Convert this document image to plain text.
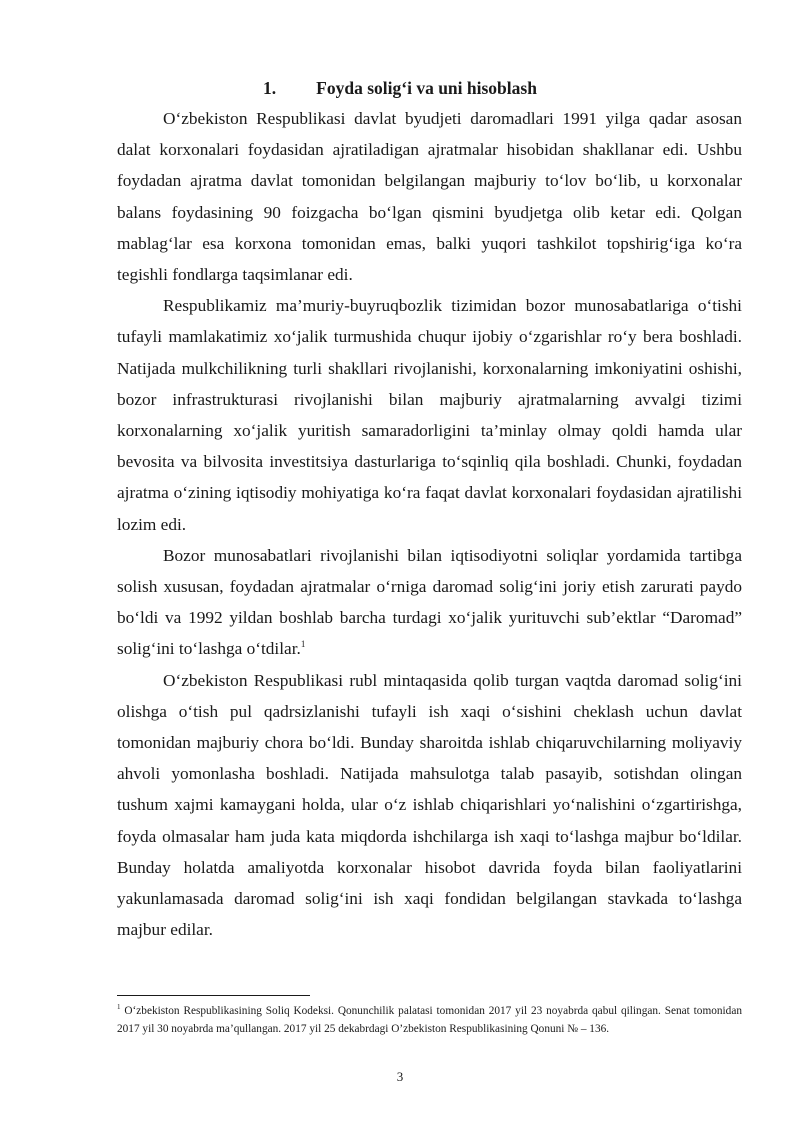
1. Foyda solig‘i va uni hisoblash

O‘zbekiston Respublikasi davlat byudjeti daromadlari 1991 yilga qadar asosan dalat korxonalari foydasidan ajratiladigan ajratmalar hisobidan shakllanar edi. Ushbu foydadan ajratma davlat tomonidan belgilangan majburiy to‘lov bo‘lib, u korxonalar balans foydasining 90 foizgacha bo‘lgan qismini byudjetga olib ketar edi. Qolgan mablag‘lar esa korxona tomonidan emas, balki yuqori tashkilot topshirig‘iga ko‘ra tegishli fondlarga taqsimlanar edi.

Respublikamiz ma’muriy-buyruqbozlik tizimidan bozor munosabatlariga o‘tishi tufayli mamlakatimiz xo‘jalik turmushida chuqur ijobiy o‘zgarishlar ro‘y bera boshladi. Natijada mulkchilikning turli shakllari rivojlanishi, korxonalarning imkoniyatini oshishi, bozor infrastrukturasi rivojlanishi bilan majburiy ajratmalarning avvalgi tizimi korxonalarning xo‘jalik yuritish samaradorligini ta’minlay olmay qoldi hamda ular bevosita va bilvosita investitsiya dasturlariga to‘sqinliq qila boshladi. Chunki, foydadan ajratma o‘zining iqtisodiy mohiyatiga ko‘ra faqat davlat korxonalari foydasidan ajratilishi lozim edi.

Bozor munosabatlari rivojlanishi bilan iqtisodiyotni soliqlar yordamida tartibga solish xususan, foydadan ajratmalar o‘rniga daromad solig‘ini joriy etish zarurati paydo bo‘ldi va 1992 yildan boshlab barcha turdagi xo‘jalik yurituvchi sub’ektlar “Daromad” solig‘ini to‘lashga o‘tdilar.$^1$

O‘zbekiston Respublikasi rubl mintaqasida qolib turgan vaqtda daromad solig‘ini olishga o‘tish pul qadrsizlanishi tufayli ish xaqi o‘sishini cheklash uchun davlat tomonidan majburiy chora bo‘ldi. Bunday sharoitda ishlab chiqaruvchilarning moliyaviy ahvoli yomonlasha boshladi. Natijada mahsulotga talab pasayib, sotishdan olingan tushum xajmi kamaygani holda, ular o‘z ishlab chiqarishlari yo‘nalishini o‘zgartirishga, foyda olmasalar ham juda kata miqdorda ishchilarga ish xaqi to‘lashga majbur bo‘ldilar. Bunday holatda amaliyotda korxonalar hisobot davrida foyda bilan faoliyatlarini yakunlamasada daromad solig‘ini ish xaqi fondidan belgilangan stavkada to‘lashga majbur edilar.

$^1$ O‘zbekiston Respublikasining Soliq Kodeksi. Qonunchilik palatasi tomonidan 2017 yil 23 noyabrda qabul qilingan. Senat tomonidan 2017 yil 30 noyabrda ma’qullangan. 2017 yil 25 dekabrdagi O’zbekiston Respublikasining Qonuni № – 136.

3
